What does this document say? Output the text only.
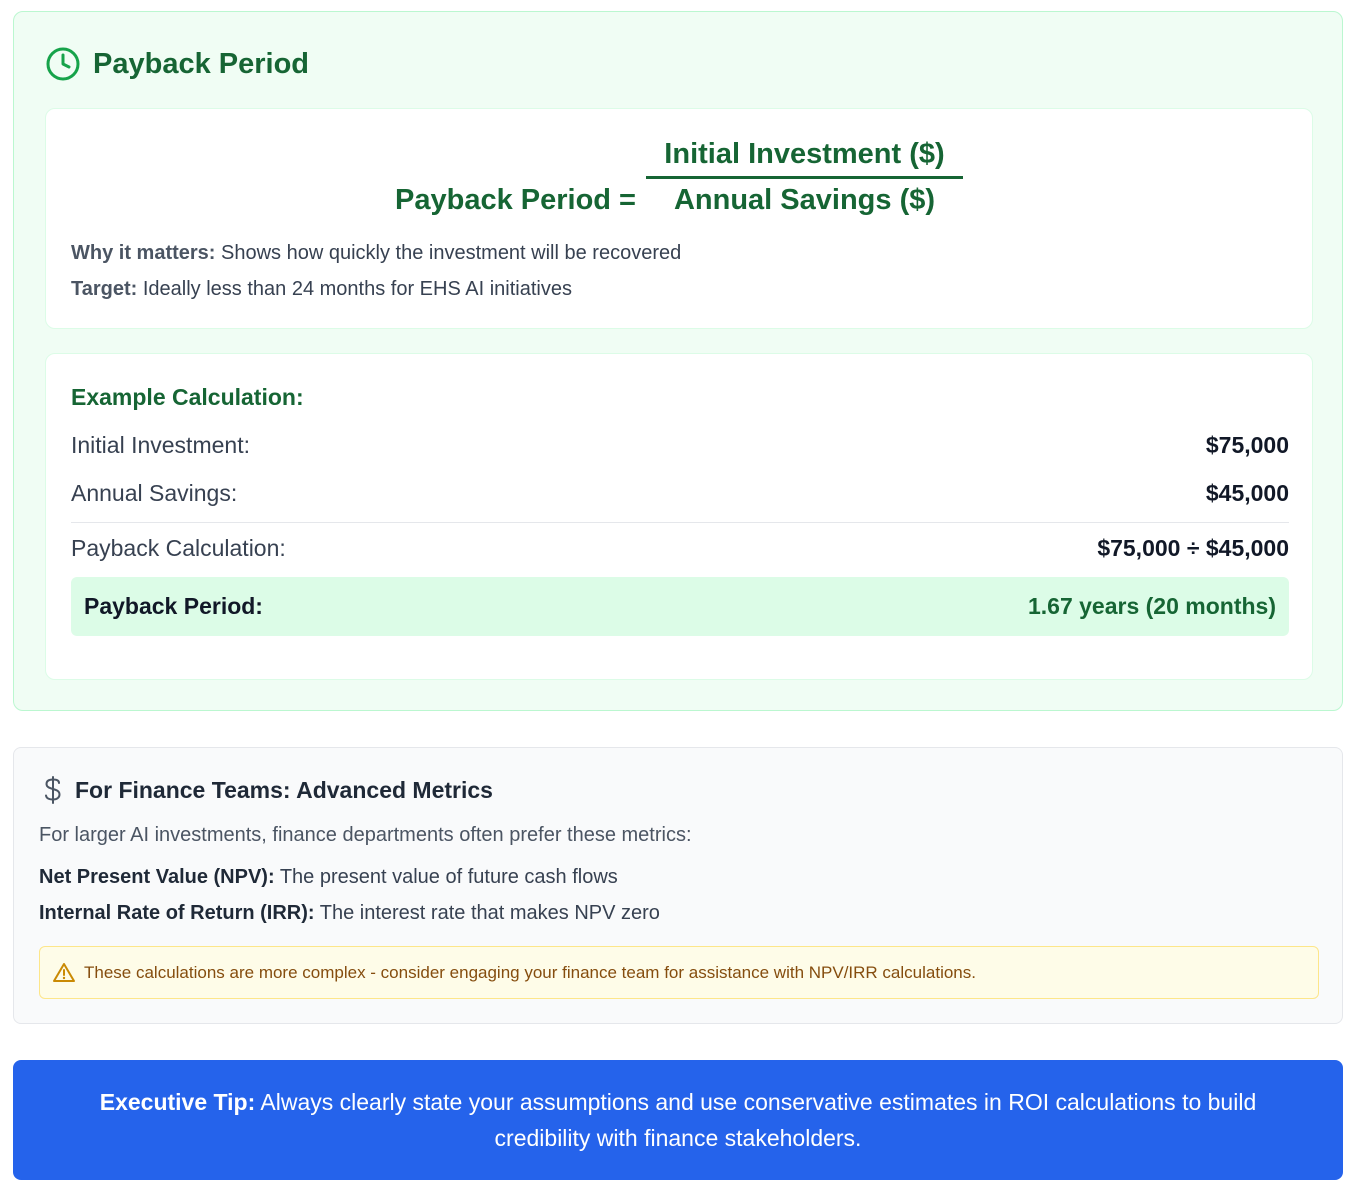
Payback Period
Payback Period =
Initial Investment ($)
Annual Savings ($)

Why it matters: Shows how quickly the investment will be recovered

Target: Ideally less than 24 months for EHS AI initiatives

Example Calculation:
Initial Investment:	$75,000
Annual Savings:	$45,000
Payback Calculation:	$75,000 ÷ $45,000
Payback Period:	1.67 years (20 months)
For Finance Teams: Advanced Metrics

For larger AI investments, finance departments often prefer these metrics:

Net Present Value (NPV): The present value of future cash flows

Internal Rate of Return (IRR): The interest rate that makes NPV zero

These calculations are more complex - consider engaging your finance team for assistance with NPV/IRR calculations.

Executive Tip: Always clearly state your assumptions and use conservative estimates in ROI calculations to build credibility with finance stakeholders.
